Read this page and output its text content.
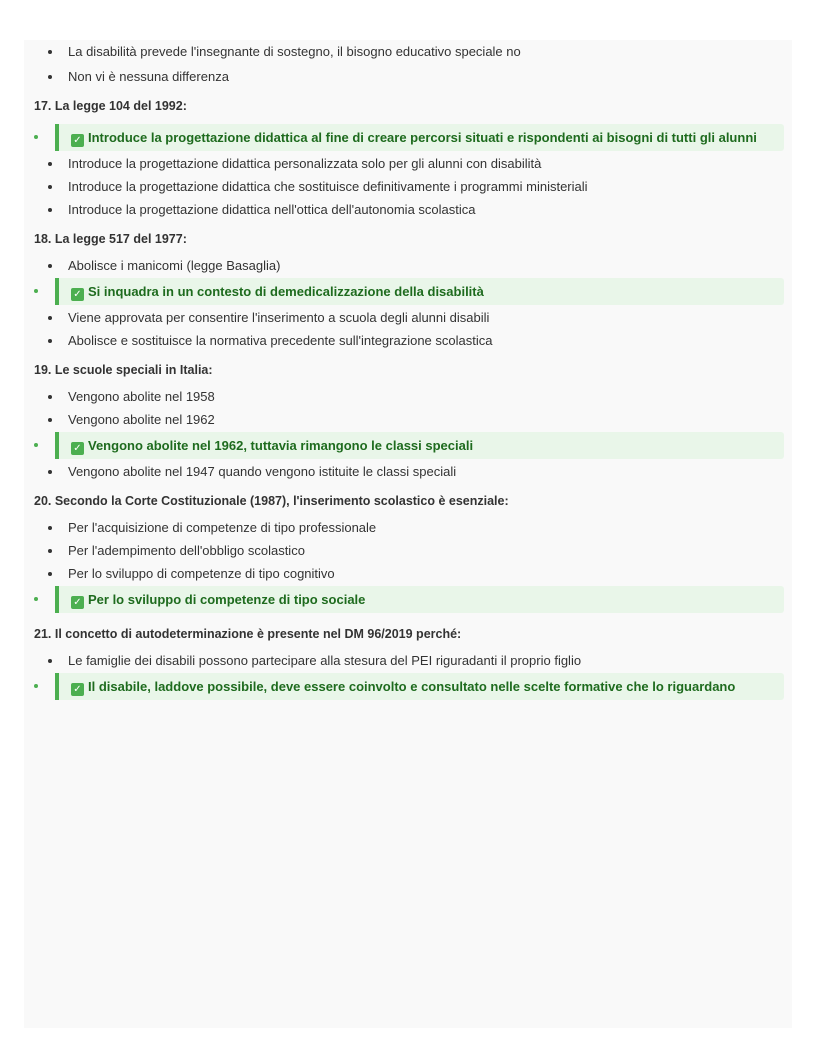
La disabilità prevede l'insegnante di sostegno, il bisogno educativo speciale no
Non vi è nessuna differenza

17. La legge 104 del 1992:

✓ Introduce la progettazione didattica al fine di creare percorsi situati e rispondenti ai bisogni di tutti gli alunni
Introduce la progettazione didattica personalizzata solo per gli alunni con disabilità
Introduce la progettazione didattica che sostituisce definitivamente i programmi ministeriali
Introduce la progettazione didattica nell'ottica dell'autonomia scolastica

18. La legge 517 del 1977:

Abolisce i manicomi (legge Basaglia)
✓ Si inquadra in un contesto di demedicalizzazione della disabilità
Viene approvata per consentire l'inserimento a scuola degli alunni disabili
Abolisce e sostituisce la normativa precedente sull'integrazione scolastica

19. Le scuole speciali in Italia:

Vengono abolite nel 1958
Vengono abolite nel 1962
✓ Vengono abolite nel 1962, tuttavia rimangono le classi speciali
Vengono abolite nel 1947 quando vengono istituite le classi speciali

20. Secondo la Corte Costituzionale (1987), l'inserimento scolastico è esenziale:

Per l'acquisizione di competenze di tipo professionale
Per l'adempimento dell'obbligo scolastico
Per lo sviluppo di competenze di tipo cognitivo
✓ Per lo sviluppo di competenze di tipo sociale

21. Il concetto di autodeterminazione è presente nel DM 96/2019 perché:

Le famiglie dei disabili possono partecipare alla stesura del PEI riguradanti il proprio figlio
✓ Il disabile, laddove possibile, deve essere coinvolto e consultato nelle scelte formative che lo riguardano
